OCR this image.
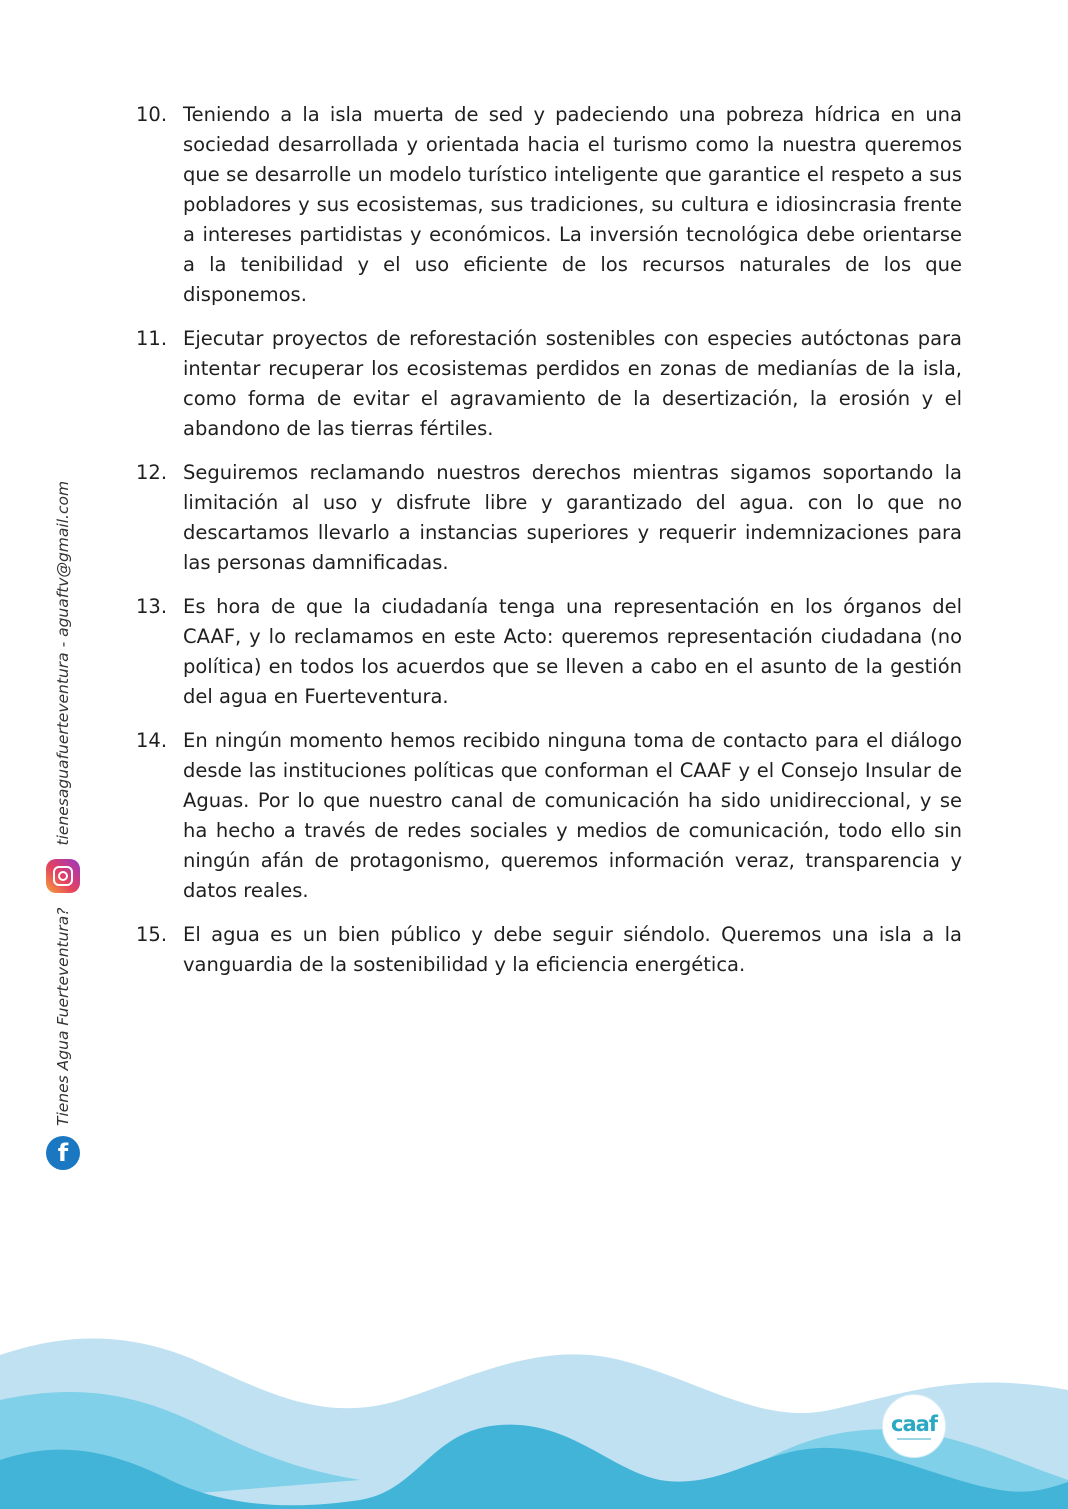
10. Teniendo a la isla muerta de sed y padeciendo una pobreza hídrica en una sociedad desarrollada y orientada hacia el turismo como la nuestra queremos que se desarrolle un modelo turístico inteligente que garantice el respeto a sus pobladores y sus ecosistemas, sus tradiciones, su cultura e idiosincrasia frente a intereses partidistas y económicos. La inversión tecnológica debe orientarse a la tenibilidad y el uso eficiente de los recursos naturales de los que disponemos.
11. Ejecutar proyectos de reforestación sostenibles con especies autóctonas para intentar recuperar los ecosistemas perdidos en zonas de medianías de la isla, como forma de evitar el agravamiento de la desertización, la erosión y el abandono de las tierras fértiles.
12. Seguiremos reclamando nuestros derechos mientras sigamos soportando la limitación al uso y disfrute libre y garantizado del agua. con lo que no descartamos llevarlo a instancias superiores y requerir indemnizaciones para las personas damnificadas.
13. Es hora de que la ciudadanía tenga una representación en los órganos del CAAF, y lo reclamamos en este Acto: queremos representación ciudadana (no política) en todos los acuerdos que se lleven a cabo en el asunto de la gestión del agua en Fuerteventura.
14. En ningún momento hemos recibido ninguna toma de contacto para el diálogo desde las instituciones políticas que conforman el CAAF y el Consejo Insular de Aguas. Por lo que nuestro canal de comunicación ha sido unidireccional, y se ha hecho a través de redes sociales y medios de comunicación, todo ello sin ningún afán de protagonismo, queremos información veraz, transparencia y datos reales.
15. El agua es un bien público y debe seguir siéndolo. Queremos una isla a la vanguardia de la sostenibilidad y la eficiencia energética.
f
Tienes Agua Fuerteventura?
tienesaguafuerteventura - aguaftv@gmail.com
caaf
